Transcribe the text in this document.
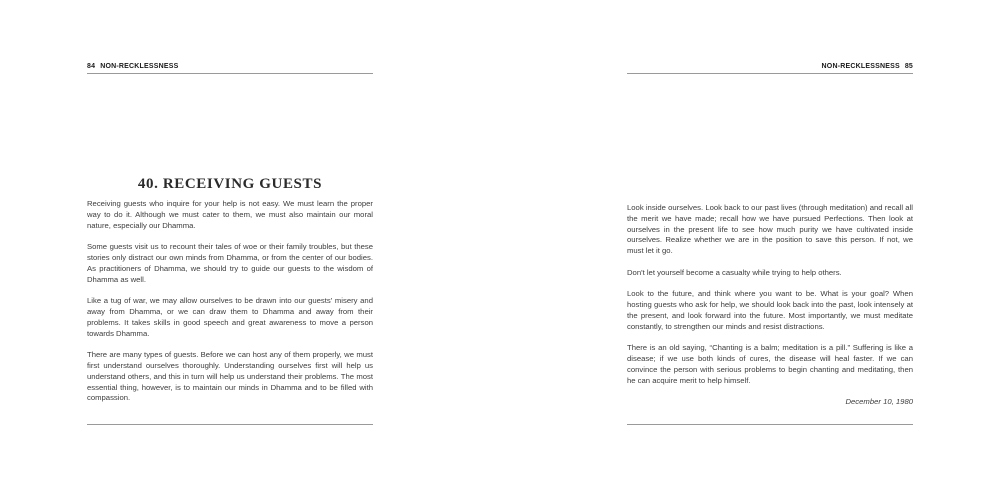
84 NON-RECKLESSNESS
40. RECEIVING GUESTS

Receiving guests who inquire for your help is not easy. We must learn the proper way to do it. Although we must cater to them, we must also maintain our moral nature, especially our Dhamma.

Some guests visit us to recount their tales of woe or their family troubles, but these stories only distract our own minds from Dhamma, or from the center of our bodies. As practitioners of Dhamma, we should try to guide our guests to the wisdom of Dhamma as well.

Like a tug of war, we may allow ourselves to be drawn into our guests' misery and away from Dhamma, or we can draw them to Dhamma and away from their problems. It takes skills in good speech and great awareness to move a person towards Dhamma.

There are many types of guests. Before we can host any of them properly, we must first understand ourselves thoroughly. Understanding ourselves first will help us understand others, and this in turn will help us understand their problems. The most essential thing, however, is to maintain our minds in Dhamma and to be filled with compassion.

NON-RECKLESSNESS 85

Look inside ourselves. Look back to our past lives (through meditation) and recall all the merit we have made; recall how we have pursued Perfections. Then look at ourselves in the present life to see how much purity we have cultivated inside ourselves. Realize whether we are in the position to save this person. If not, we must let it go.

Don't let yourself become a casualty while trying to help others.

Look to the future, and think where you want to be. What is your goal? When hosting guests who ask for help, we should look back into the past, look intensely at the present, and look forward into the future. Most importantly, we must meditate constantly, to strengthen our minds and resist distractions.

There is an old saying, “Chanting is a balm; meditation is a pill.” Suffering is like a disease; if we use both kinds of cures, the disease will heal faster. If we can convince the person with serious problems to begin chanting and meditating, then he can acquire merit to help himself.

December 10, 1980
